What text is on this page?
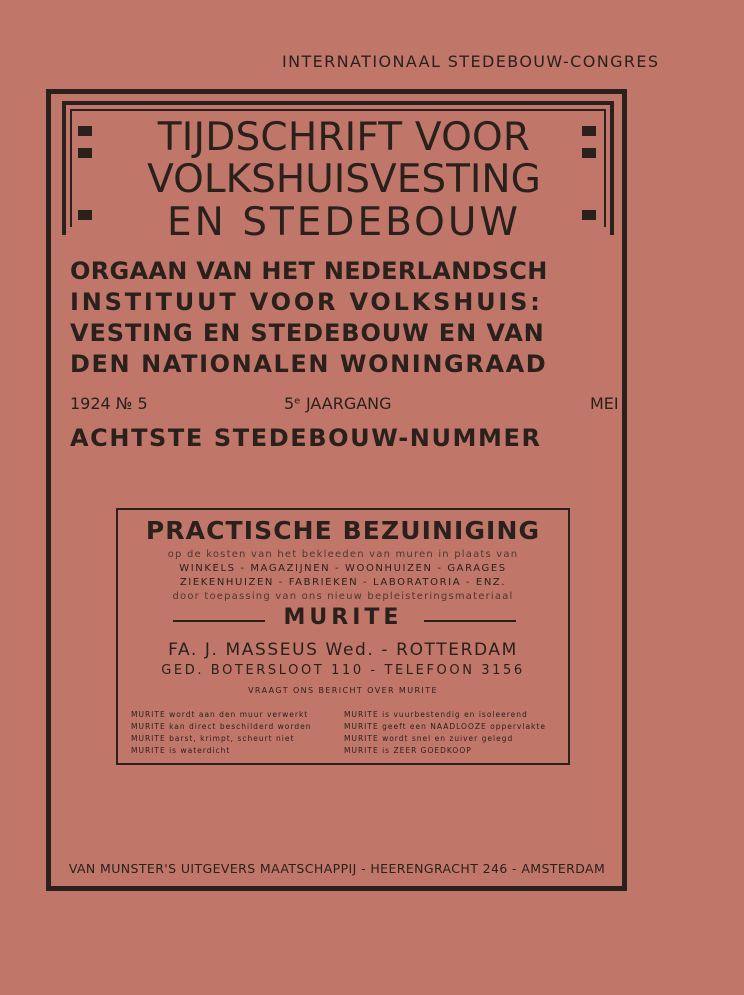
INTERNATIONAAL STEDEBOUW-CONGRES
TIJDSCHRIFT VOOR
VOLKSHUISVESTING
EN STEDEBOUW
ORGAAN VAN HET NEDERLANDSCH
INSTITUUT VOOR VOLKSHUIS:
VESTING EN STEDEBOUW EN VAN
DEN NATIONALEN WONINGRAAD
1924 № 5	5ᵉ JAARGANG	MEI
ACHTSTE STEDEBOUW-NUMMER
PRACTISCHE BEZUINIGING
op de kosten van het bekleeden van muren in plaats van
WINKELS - MAGAZIJNEN - WOONHUIZEN - GARAGES
ZIEKENHUIZEN - FABRIEKEN - LABORATORIA - ENZ.
door toepassing van ons nieuw bepleisteringsmateriaal
MURITE
FA. J. MASSEUS Wed. - ROTTERDAM
GED. BOTERSLOOT 110 - TELEFOON 3156
VRAAGT ONS BERICHT OVER MURITE
MURITE wordt aan den muur verwerkt
MURITE kan direct beschilderd worden
MURITE barst, krimpt, scheurt niet
MURITE is waterdicht
MURITE is vuurbestendig en isoleerend
MURITE geeft een NAADLOOZE oppervlakte
MURITE wordt snel en zuiver gelegd
MURITE is ZEER GOEDKOOP
VAN MUNSTER'S UITGEVERS MAATSCHAPPIJ - HEERENGRACHT 246 - AMSTERDAM
